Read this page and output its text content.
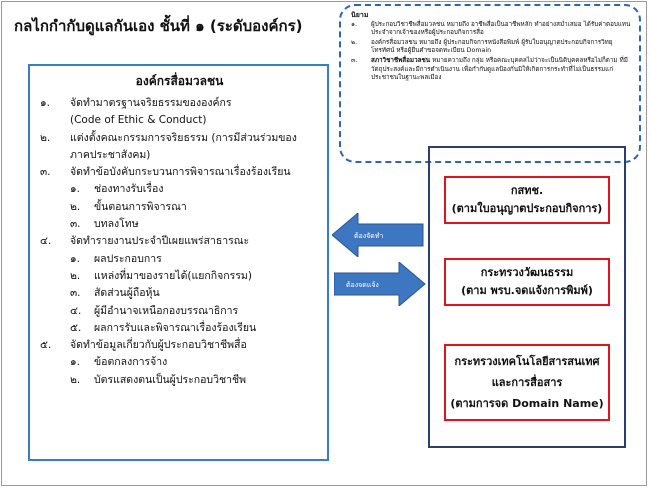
กลไกกำกับดูแลกันเอง ชั้นที่ ๑ (ระดับองค์กร)
นิยาม
๑.	ผู้ประกอบวิชาชีพสื่อมวลชน หมายถึง อาชีพสื่อเป็นอาชีพหลัก ทำอย่างสม่ำเสมอ ได้รับค่าตอบแทนประจำจากเจ้าของหรือผู้ประกอบกิจการสื่อ
๒.	องค์กรสื่อมวลชน หมายถึง ผู้ประกอบกิจการหนังสือพิมพ์ ผู้รับใบอนุญาตประกอบกิจการวิทยุโทรทัศน์ หรือผู้ยื่นคำขอจดทะเบียน Domain
๓.	สภาวิชาชีพสื่อมวลชน หมายความถึง กลุ่ม หรือคณะบุคคลไม่ว่าจะเป็นนิติบุคคลหรือไม่ก็ตาม ที่มีวัตถุประสงค์และมีการดำเนินงาน เพื่อกำกับดูแลป้องกันมิให้เกิดการกระทำที่ไม่เป็นธรรมแก่ประชาชนในฐานะพลเมือง
องค์กรสื่อมวลชน
๑.	จัดทำมาตรฐานจริยธรรมขององค์กร
(Code of Ethic & Conduct)
๒.	แต่งตั้งคณะกรรมการจริยธรรม (การมีส่วนร่วมของ
ภาคประชาสังคม)
๓.	จัดทำข้อบังคับกระบวนการพิจารณาเรื่องร้องเรียน
๑.	ช่องทางรับเรื่อง
๒.	ขั้นตอนการพิจารณา
๓.	บทลงโทษ
๔.	จัดทำรายงานประจำปีเผยแพร่สาธารณะ
๑.	ผลประกอบการ
๒.	แหล่งที่มาของรายได้(แยกกิจกรรม)
๓.	สัดส่วนผู้ถือหุ้น
๔.	ผู้มีอำนาจเหนือกองบรรณาธิการ
๕.	ผลการรับและพิจารณาเรื่องร้องเรียน
๕.	จัดทำข้อมูลเกี่ยวกับผู้ประกอบวิชาชีพสื่อ
๑.	ข้อตกลงการจ้าง
๒.	บัตรแสดงตนเป็นผู้ประกอบวิชาชีพ
ต้องจัดทำ
ต้องจดแจ้ง
กสทช.
(ตามใบอนุญาตประกอบกิจการ)
กระทรวงวัฒนธรรม
(ตาม พรบ.จดแจ้งการพิมพ์)
กระทรวงเทคโนโลยีสารสนเทศ
และการสื่อสาร
(ตามการจด Domain Name)
